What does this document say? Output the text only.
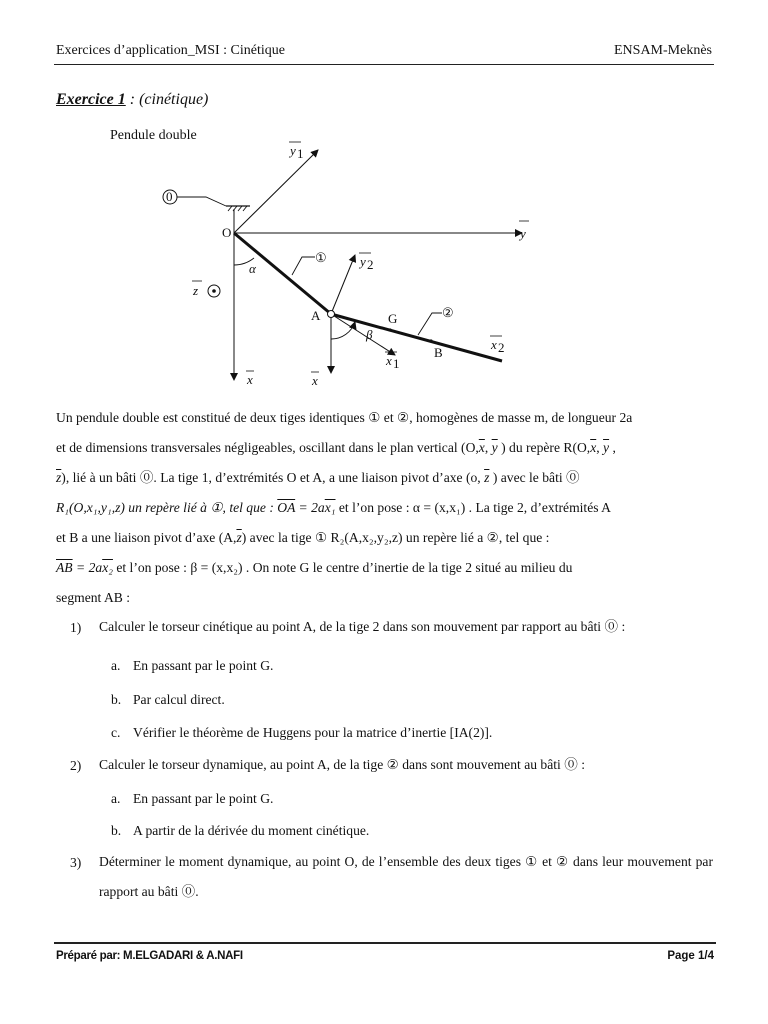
Exercices d’application_MSI : Cinétique	ENSAM-Meknès
Exercice 1 : (cinétique)
Pendule double
0
O
A	G
B
α
β
①
②
y
y 1
y 2
x 1
x 2
x	x
z
Un pendule double est constitué de deux tiges identiques ① et ②, homogènes de masse m, de longueur 2a
et de dimensions transversales négligeables, oscillant dans le plan vertical ($O,\overline{x}$, $\overline{y}$ ) du repère $R(O,\overline{x}$, $\overline{y}$ ,
$\overline{z}$), lié à un bâti ⓪. La tige 1, d’extrémités O et A, a une liaison pivot d’axe (o, $\overline{z}$ ) avec le bâti ⓪
R₁(O,x₁,y₁,z) un repère lié à ①, tel que : $\overline{OA} = 2ax_1$ et l’on pose : α = (x,x₁) . La tige 2, d’extrémités A
et B a une liaison pivot d’axe $(A,\overline{z})$ avec la tige ① R₂(A,x₂,y₂,z) un repère lié a ②, tel que :
$\overline{AB} = 2ax_2$ et l’on pose : β = (x,x₂) . On note G le centre d’inertie de la tige 2 situé au milieu du
segment AB :
1) Calculer le torseur cinétique au point A, de la tige 2 dans son mouvement par rapport au bâti ⓪ :
a. En passant par le point G.
b. Par calcul direct.
c. Vérifier le théorème de Huggens pour la matrice d’inertie [IA(2)].
2) Calculer le torseur dynamique, au point A, de la tige ② dans sont mouvement au bâti ⓪ :
a. En passant par le point G.
b. A partir de la dérivée du moment cinétique.
3) Déterminer le moment dynamique, au point O, de l’ensemble des deux tiges ① et ② dans leur mouvement par rapport au bâti ⓪.
Préparé par: M.ELGADARI & A.NAFI	Page 1/4
